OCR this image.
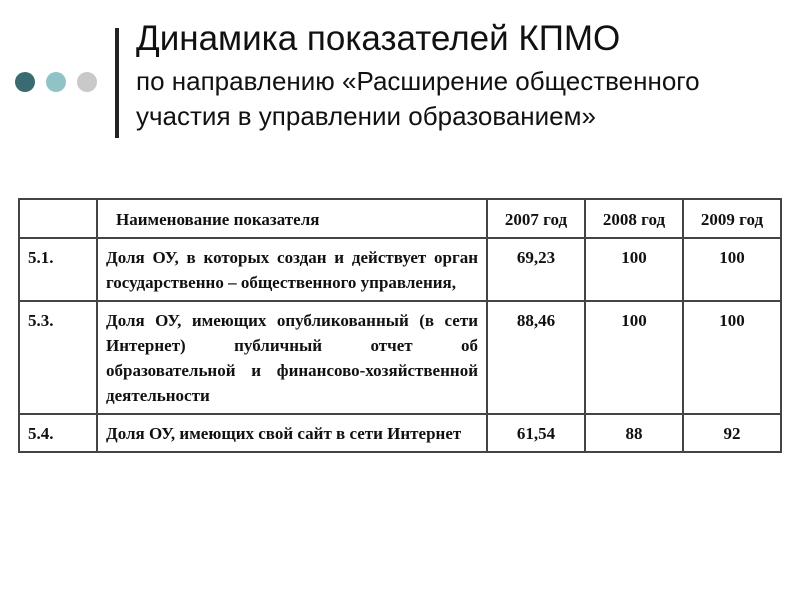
Динамика показателей КПМО

по направлению «Расширение общественного участия в управлении образованием»

	Наименование показателя	2007 год	2008 год	2009 год
5.1.	Доля ОУ, в которых создан и действует орган государственно – общественного управления,	69,23	100	100
5.3.	Доля ОУ, имеющих опубликованный (в сети Интернет) публичный отчет об образовательной и финансово-хозяйственной деятельности	88,46	100	100
5.4.	Доля ОУ, имеющих свой сайт в сети Интернет	61,54	88	92
